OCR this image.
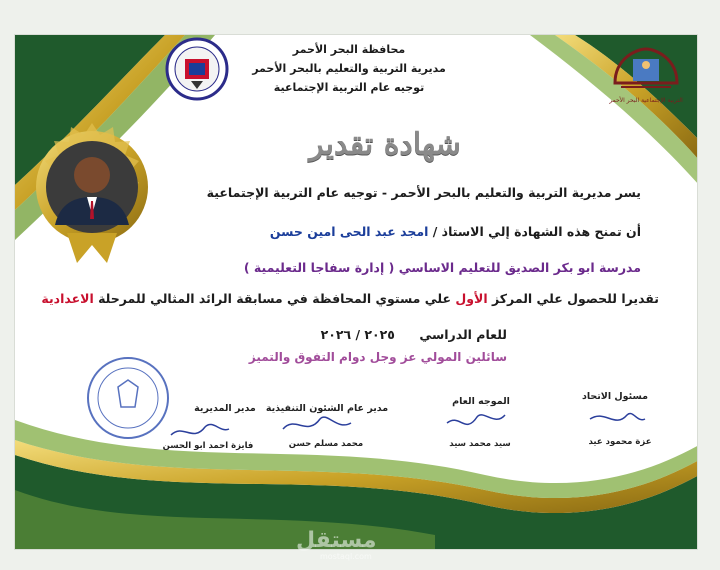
التربية الإجتماعية البحر الأحمر
محافظة البحر الأحمر
مديرية التربية والتعليم بالبحر الأحمر
توجيه عام التربية الإجتماعية
شهادة تقدير
يسر مديرية التربية والتعليم بالبحر الأحمر - توجيه عام التربية الإجتماعية
أن تمنح هذه الشهادة إلي الاستاذ / امجد عبد الحى امين حسن
مدرسة ابو بكر الصديق للتعليم الاساسي ( إدارة سفاجا التعليمية )
تقديرا للحصول علي المركز الأول علي مستوي المحافظة في مسابقة الرائد المثالي للمرحلة الاعدادية
للعام الدراسي ٢٠٢٥ / ٢٠٢٦
سائلين المولي عز وجل دوام التفوق والتميز
مسئول الاتحاد
عزة محمود عيد
الموجه العام
سيد محمد سيد
مدير عام الشئون التنفيذية
محمد مسلم حسن
مدير المديرية
فايزة احمد ابو الحسن
مستقل
mostaql.com
